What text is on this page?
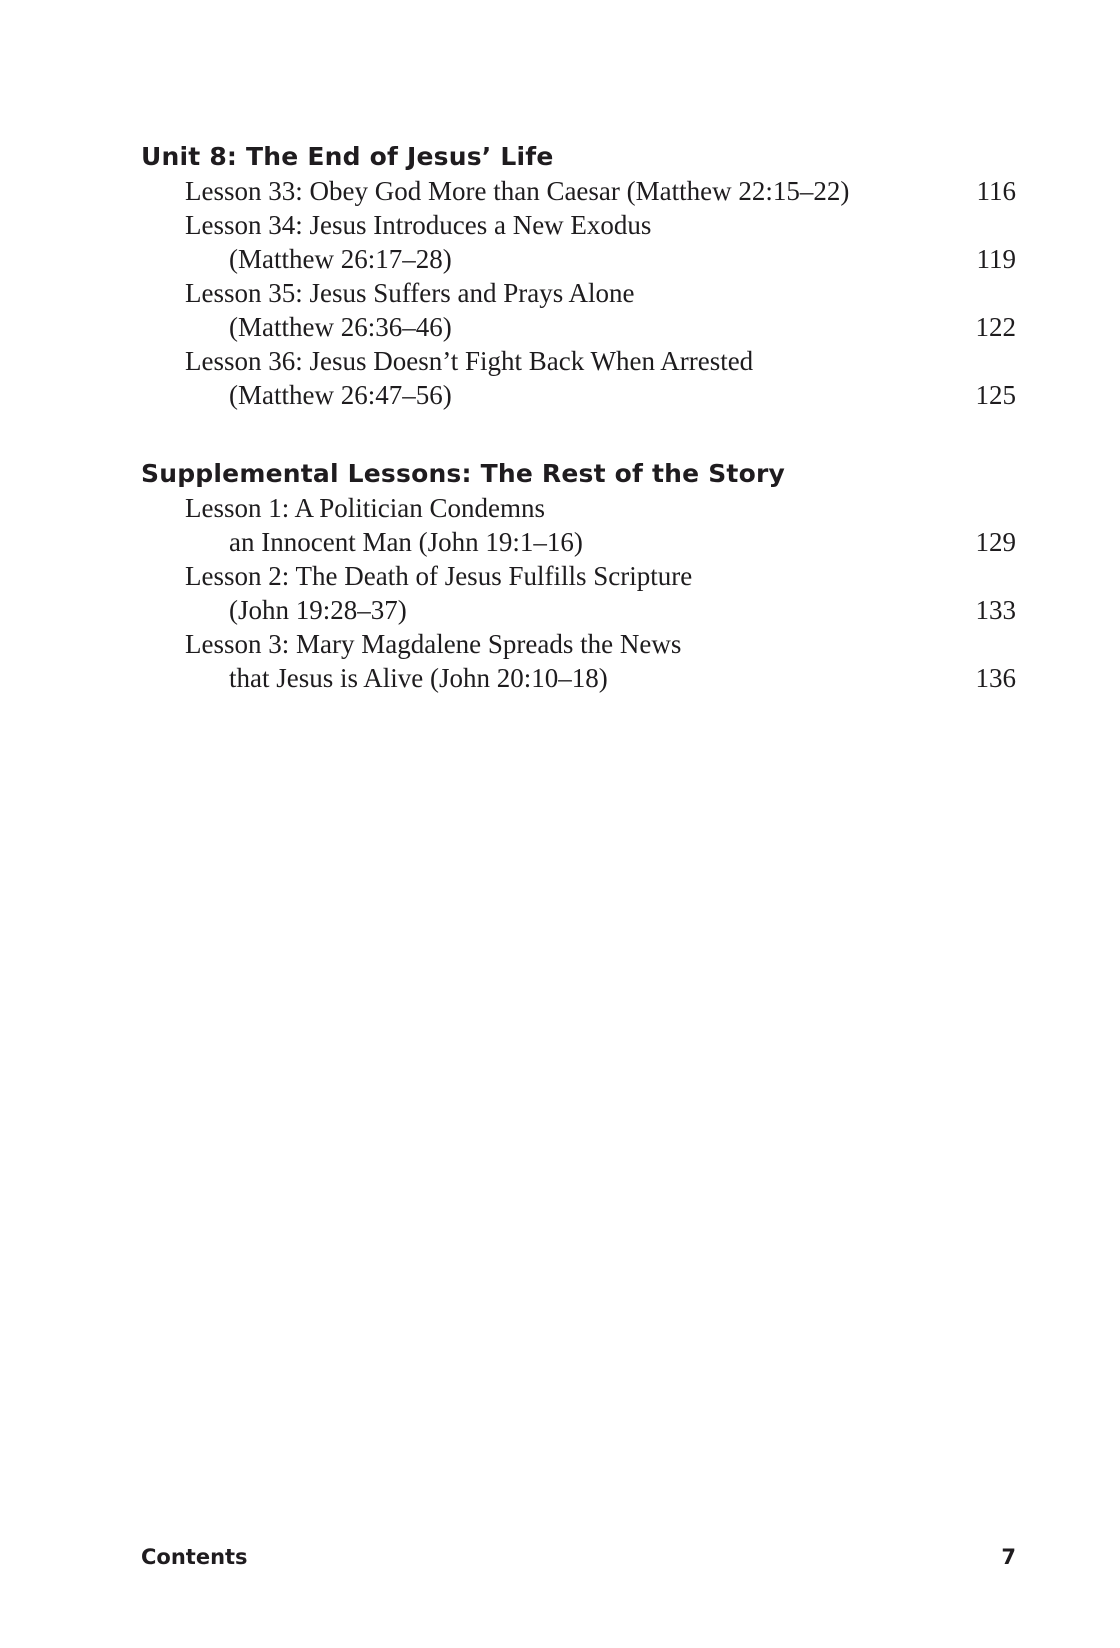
Unit 8: The End of Jesus’ Life
Lesson 33: Obey God More than Caesar (Matthew 22:15–22)	116
Lesson 34: Jesus Introduces a New Exodus
(Matthew 26:17–28)	119
Lesson 35: Jesus Suffers and Prays Alone
(Matthew 26:36–46)	122
Lesson 36: Jesus Doesn’t Fight Back When Arrested
(Matthew 26:47–56)	125
Supplemental Lessons: The Rest of the Story
Lesson 1: A Politician Condemns
an Innocent Man (John 19:1–16)	129
Lesson 2: The Death of Jesus Fulfills Scripture
(John 19:28–37)	133
Lesson 3: Mary Magdalene Spreads the News
that Jesus is Alive (John 20:10–18)	136
Contents	7
